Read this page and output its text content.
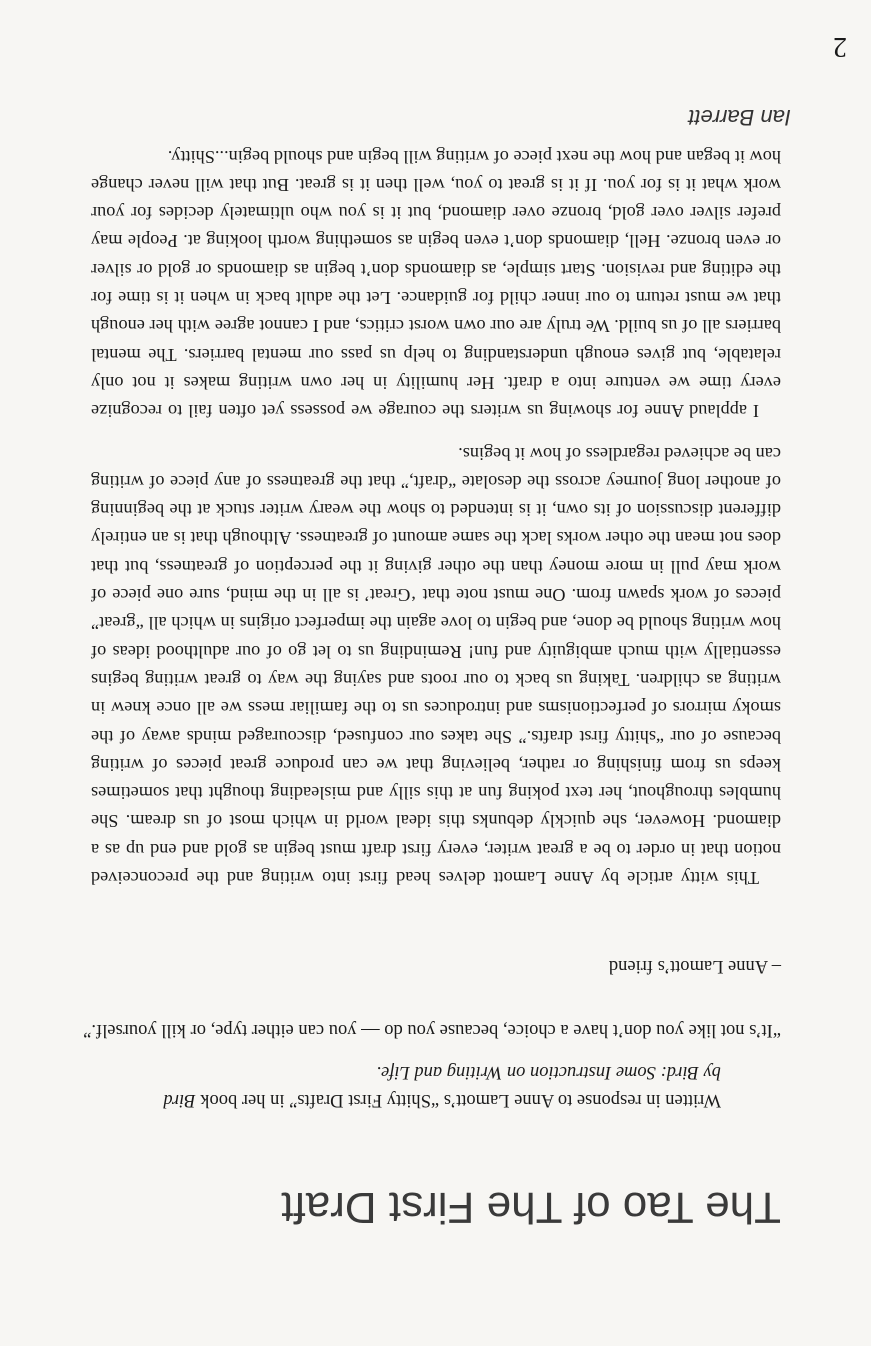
2
Ian Barrett
The Tao of The First Draft
Written in response to Anne Lamott’s “Shitty First Drafts” in her book Bird by Bird: Some Instruction on Writing and Life.
“It’s not like you don’t have a choice, because you do — you can either type, or kill yourself.”
– Anne Lamott’s friend

This witty article by Anne Lamott delves head first into writing and the preconceived notion that in order to be a great writer, every first draft must begin as gold and end up as a diamond. However, she quickly debunks this ideal world in which most of us dream. She humbles throughout, her text poking fun at this silly and misleading thought that sometimes keeps us from finishing or rather, believing that we can produce great pieces of writing because of our “shitty first drafts.” She takes our confused, discouraged minds away of the smoky mirrors of perfectionisms and introduces us to the familiar mess we all once knew in writing as children. Taking us back to our roots and saying the way to great writing begins essentially with much ambiguity and fun! Reminding us to let go of our adulthood ideas of how writing should be done, and begin to love again the imperfect origins in which all “great” pieces of work spawn from. One must note that ‘Great’ is all in the mind, sure one piece of work may pull in more money than the other giving it the perception of greatness, but that does not mean the other works lack the same amount of greatness. Although that is an entirely different discussion of its own, it is intended to show the weary writer stuck at the beginning of another long journey across the desolate “draft,” that the greatness of any piece of writing can be achieved regardless of how it begins.

I applaud Anne for showing us writers the courage we possess yet often fail to recognize every time we venture into a draft. Her humility in her own writing makes it not only relatable, but gives enough understanding to help us pass our mental barriers. The mental barriers all of us build. We truly are our own worst critics, and I cannot agree with her enough that we must return to our inner child for guidance. Let the adult back in when it is time for the editing and revision. Start simple, as diamonds don’t begin as diamonds or gold or silver or even bronze. Hell, diamonds don’t even begin as something worth looking at. People may prefer silver over gold, bronze over diamond, but it is you who ultimately decides for your work what it is for you. If it is great to you, well then it is great. But that will never change how it began and how the next piece of writing will begin and should begin...Shitty.
